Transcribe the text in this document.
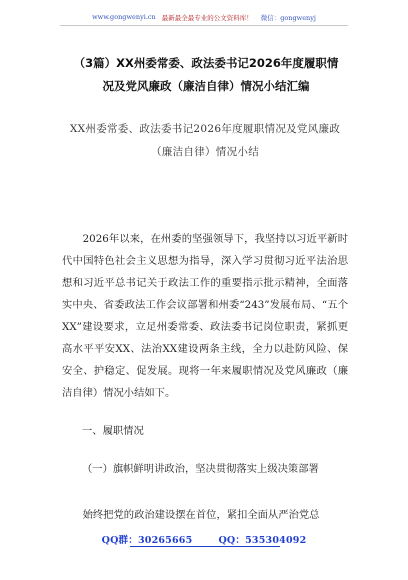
www.gongwenyi.cn 最新最全最专业的公文资料库！ 微信：gongwenyj
（3篇）XX州委常委、政法委书记2026年度履职情况及党风廉政（廉洁自律）情况小结汇编
XX州委常委、政法委书记2026年度履职情况及党风廉政（廉洁自律）情况小结

2026年以来，在州委的坚强领导下，我坚持以习近平新时代中国特色社会主义思想为指导，深入学习贯彻习近平法治思想和习近平总书记关于政法工作的重要指示批示精神，全面落实中央、省委政法工作会议部署和州委“243”发展布局、“五个XX”建设要求，立足州委常委、政法委书记岗位职责，紧抓更高水平平安XX、法治XX建设两条主线，全力以赴防风险、保安全、护稳定、促发展。现将一年来履职情况及党风廉政（廉洁自律）情况小结如下。

一、履职情况

（一）旗帜鲜明讲政治，坚决贯彻落实上级决策部署

始终把党的政治建设摆在首位，紧扣全面从严治党总

QQ群：30265665	QQ：535304092
